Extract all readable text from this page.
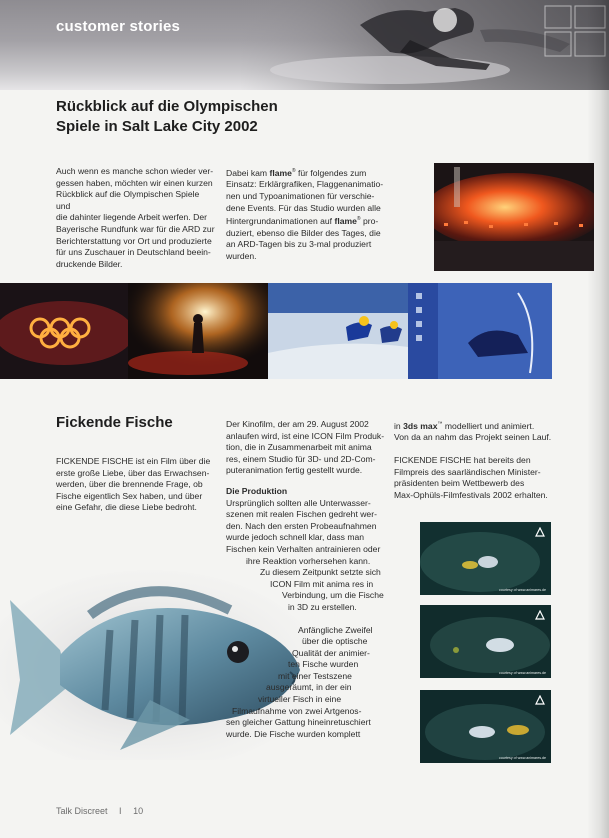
customer stories
Rückblick auf die Olympischen
Spiele in Salt Lake City 2002
Auch wenn es manche schon wieder ver-
gessen haben, möchten wir einen kurzen
Rückblick auf die Olympischen Spiele und
die dahinter liegende Arbeit werfen. Der
Bayerische Rundfunk war für die ARD zur
Berichterstattung vor Ort und produzierte
für uns Zuschauer in Deutschland beein-
druckende Bilder.
Dabei kam flame® für folgendes zum
Einsatz: Erklärgrafiken, Flaggenanimatio-
nen und Typoanimationen für verschie-
dene Events. Für das Studio wurden alle
Hintergrundanimationen auf flame® pro-
duziert, ebenso die Bilder des Tages, die
an ARD-Tagen bis zu 3-mal produziert
wurden.
Fickende Fische
FICKENDE FISCHE ist ein Film über die
erste große Liebe, über das Erwachsen-
werden, über die brennende Frage, ob
Fische eigentlich Sex haben, und über
eine Gefahr, die diese Liebe bedroht.
Der Kinofilm, der am 29. August 2002
anlaufen wird, ist eine ICON Film Produk-
tion, die in Zusammenarbeit mit anima
res, einem Studio für 3D- und 2D-Com-
puteranimation fertig gestellt wurde.
Die Produktion
Ursprünglich sollten alle Unterwasser-
szenen mit realen Fischen gedreht wer-
den. Nach den ersten Probeaufnahmen
wurde jedoch schnell klar, dass man
Fischen kein Verhalten antrainieren oder
ihre Reaktion vorhersehen kann.
Zu diesem Zeitpunkt setzte sich
ICON Film mit anima res in
Verbindung, um die Fische
in 3D zu erstellen.
Anfängliche Zweifel
über die optische
Qualität der animier-
ten Fische wurden
mit einer Testszene
ausgeräumt, in der ein
virtueller Fisch in eine
Filmaufnahme von zwei Artgenos-
sen gleicher Gattung hineinretuschiert
wurde. Die Fische wurden komplett
in 3ds max™ modelliert und animiert.
Von da an nahm das Projekt seinen Lauf.
FICKENDE FISCHE hat bereits den
Filmpreis des saarländischen Minister-
präsidenten beim Wettbewerb des
Max-Ophüls-Filmfestivals 2002 erhalten.
courtesy of www.animares.de
courtesy of www.animares.de
courtesy of www.animares.de
Talk Discreet I 10
